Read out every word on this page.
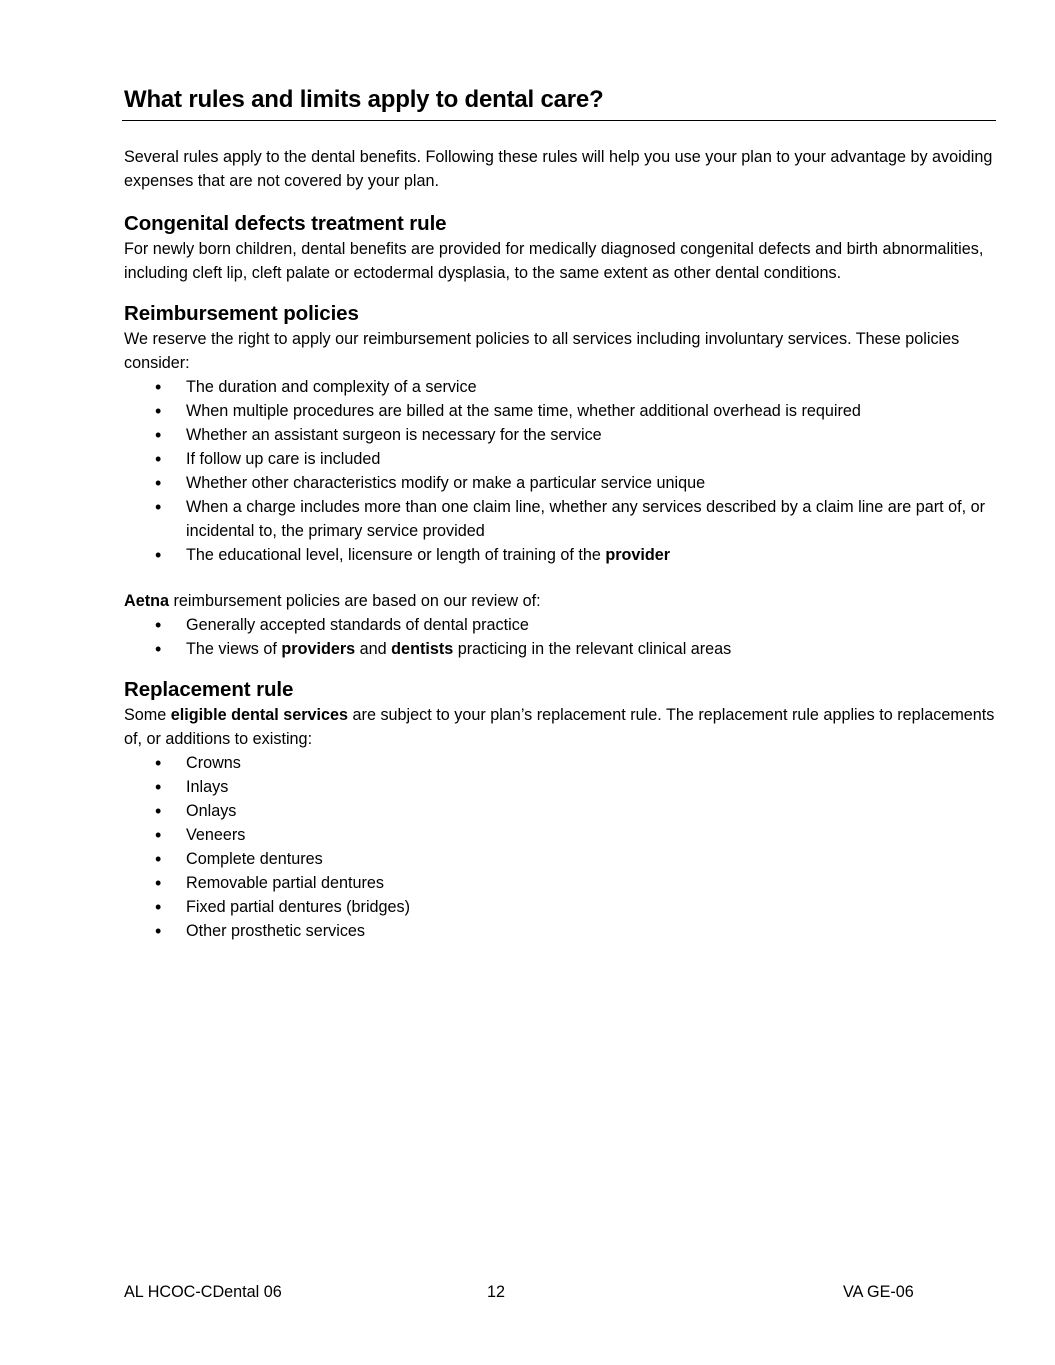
What rules and limits apply to dental care?

Several rules apply to the dental benefits. Following these rules will help you use your plan to your advantage by avoiding expenses that are not covered by your plan.

Congenital defects treatment rule

For newly born children, dental benefits are provided for medically diagnosed congenital defects and birth abnormalities, including cleft lip, cleft palate or ectodermal dysplasia, to the same extent as other dental conditions.

Reimbursement policies

We reserve the right to apply our reimbursement policies to all services including involuntary services. These policies consider:

• The duration and complexity of a service
• When multiple procedures are billed at the same time, whether additional overhead is required
• Whether an assistant surgeon is necessary for the service
• If follow up care is included
• Whether other characteristics modify or make a particular service unique
• When a charge includes more than one claim line, whether any services described by a claim line are part of, or incidental to, the primary service provided
• The educational level, licensure or length of training of the provider

Aetna reimbursement policies are based on our review of:

• Generally accepted standards of dental practice
• The views of providers and dentists practicing in the relevant clinical areas
Replacement rule

Some eligible dental services are subject to your plan’s replacement rule. The replacement rule applies to replacements of, or additions to existing:

• Crowns
• Inlays
• Onlays
• Veneers
• Complete dentures
• Removable partial dentures
• Fixed partial dentures (bridges)
• Other prosthetic services
AL HCOC-CDental 06	12	VA GE-06
